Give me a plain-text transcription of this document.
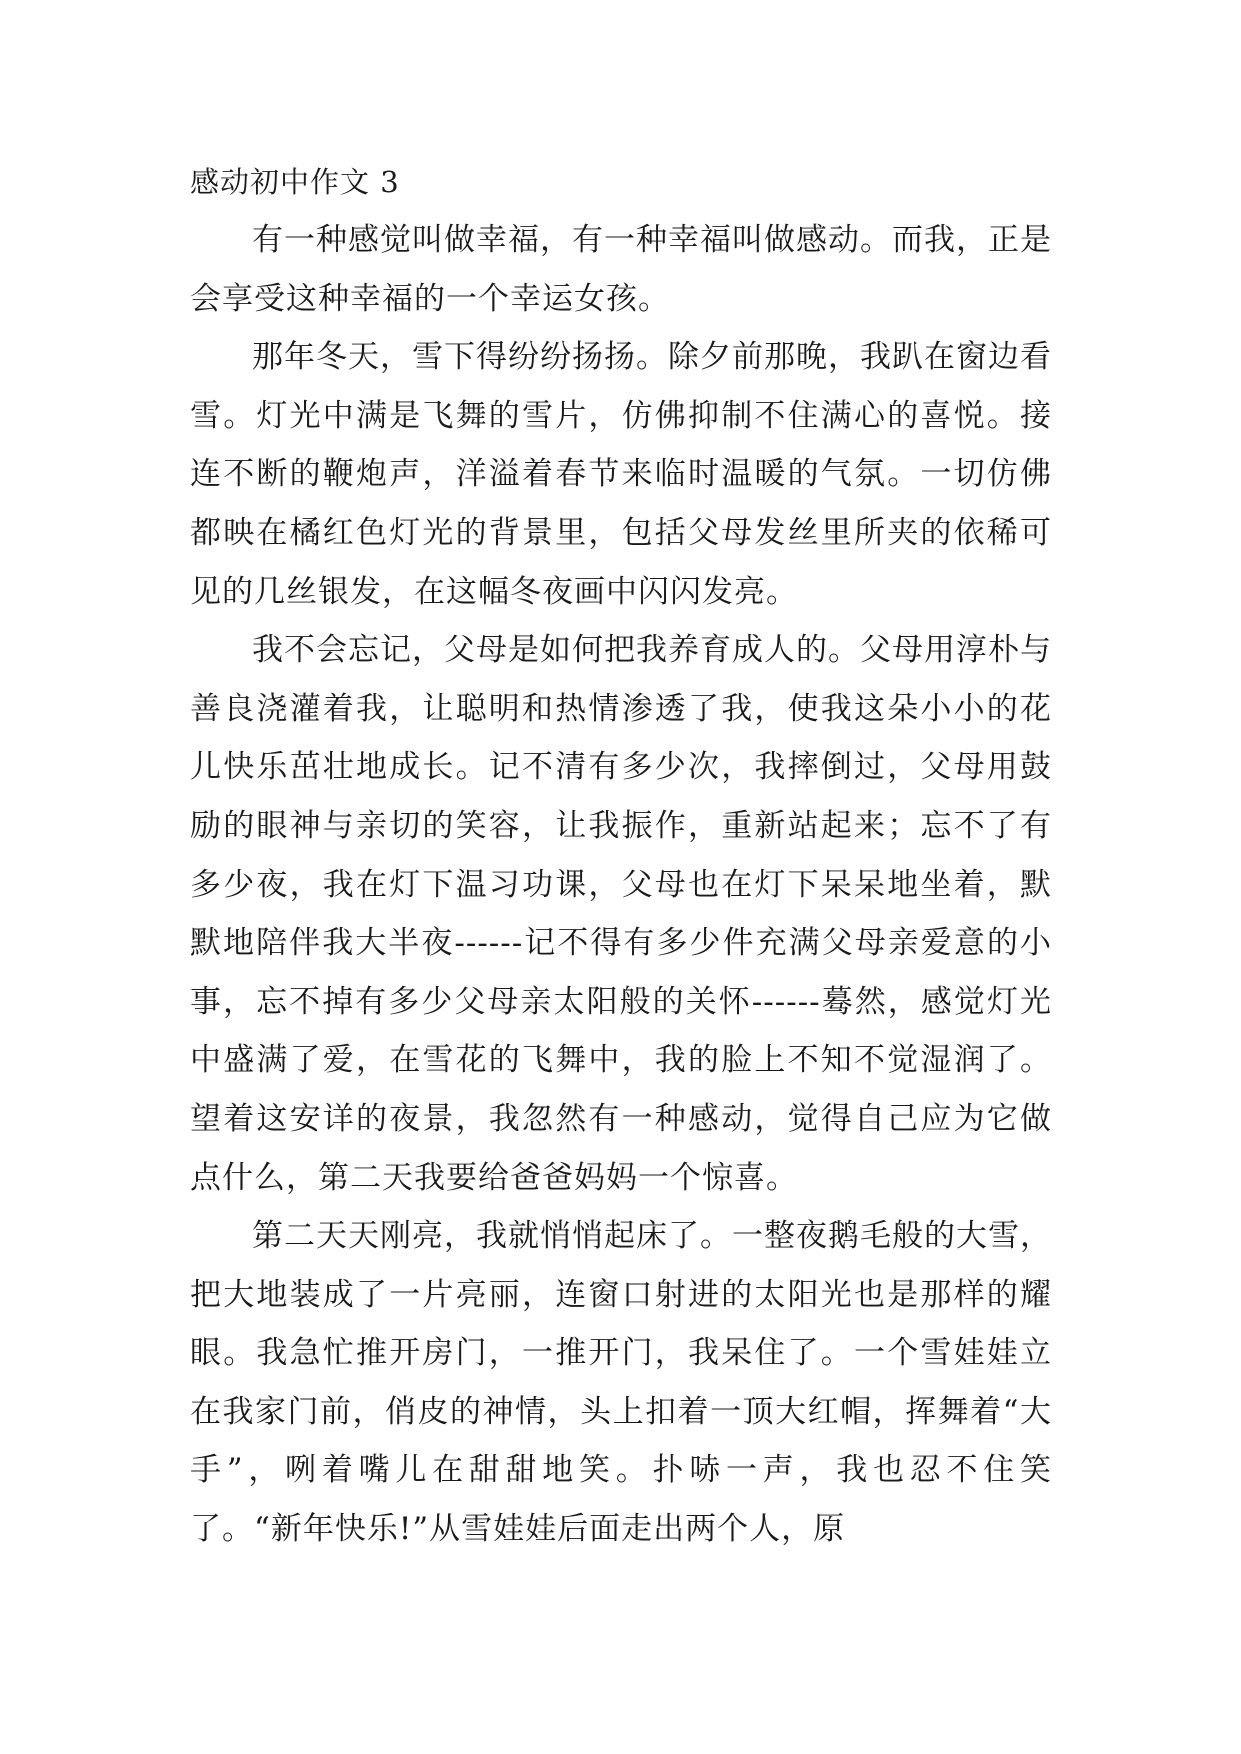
感动初中作文 3

有一种感觉叫做幸福，有一种幸福叫做感动。而我，正是会享受这种幸福的一个幸运女孩。

那年冬天，雪下得纷纷扬扬。除夕前那晚，我趴在窗边看雪。灯光中满是飞舞的雪片，仿佛抑制不住满心的喜悦。接连不断的鞭炮声，洋溢着春节来临时温暖的气氛。一切仿佛都映在橘红色灯光的背景里，包括父母发丝里所夹的依稀可见的几丝银发，在这幅冬夜画中闪闪发亮。

我不会忘记，父母是如何把我养育成人的。父母用淳朴与善良浇灌着我，让聪明和热情渗透了我，使我这朵小小的花儿快乐茁壮地成长。记不清有多少次，我摔倒过，父母用鼓励的眼神与亲切的笑容，让我振作，重新站起来；忘不了有多少夜，我在灯下温习功课，父母也在灯下呆呆地坐着，默默地陪伴我大半夜------记不得有多少件充满父母亲爱意的小事，忘不掉有多少父母亲太阳般的关怀------蓦然，感觉灯光中盛满了爱，在雪花的飞舞中，我的脸上不知不觉湿润了。望着这安详的夜景，我忽然有一种感动，觉得自己应为它做点什么，第二天我要给爸爸妈妈一个惊喜。

第二天天刚亮，我就悄悄起床了。一整夜鹅毛般的大雪，把大地装成了一片亮丽，连窗口射进的太阳光也是那样的耀眼。我急忙推开房门，一推开门，我呆住了。一个雪娃娃立在我家门前，俏皮的神情，头上扣着一顶大红帽，挥舞着“大手”，咧着嘴儿在甜甜地笑。扑哧一声，我也忍不住笑了。“新年快乐!”从雪娃娃后面走出两个人，原
